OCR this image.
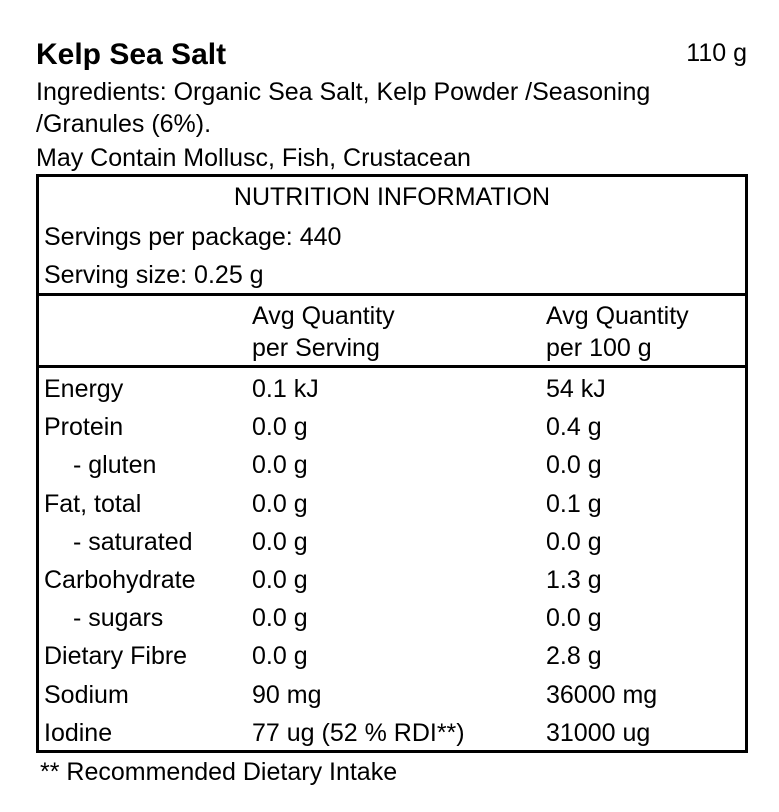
Kelp Sea Salt	110 g
Ingredients: Organic Sea Salt, Kelp Powder /Seasoning
/Granules (6%).
May Contain Mollusc, Fish, Crustacean
NUTRITION INFORMATION
Servings per package: 440
Serving size: 0.25 g
Avg Quantity
per Serving
Avg Quantity
per 100 g
Energy	0.1 kJ	54 kJ
Protein	0.0 g	0.4 g
- gluten	0.0 g	0.0 g
Fat, total	0.0 g	0.1 g
- saturated 0.0 g	0.0 g
Carbohydrate 0.0 g	1.3 g
- sugars	0.0 g	0.0 g
Dietary Fibre	0.0 g	2.8 g
Sodium	90 mg	36000 mg
Iodine	77 ug (52 % RDI**)	31000 ug
** Recommended Dietary Intake
